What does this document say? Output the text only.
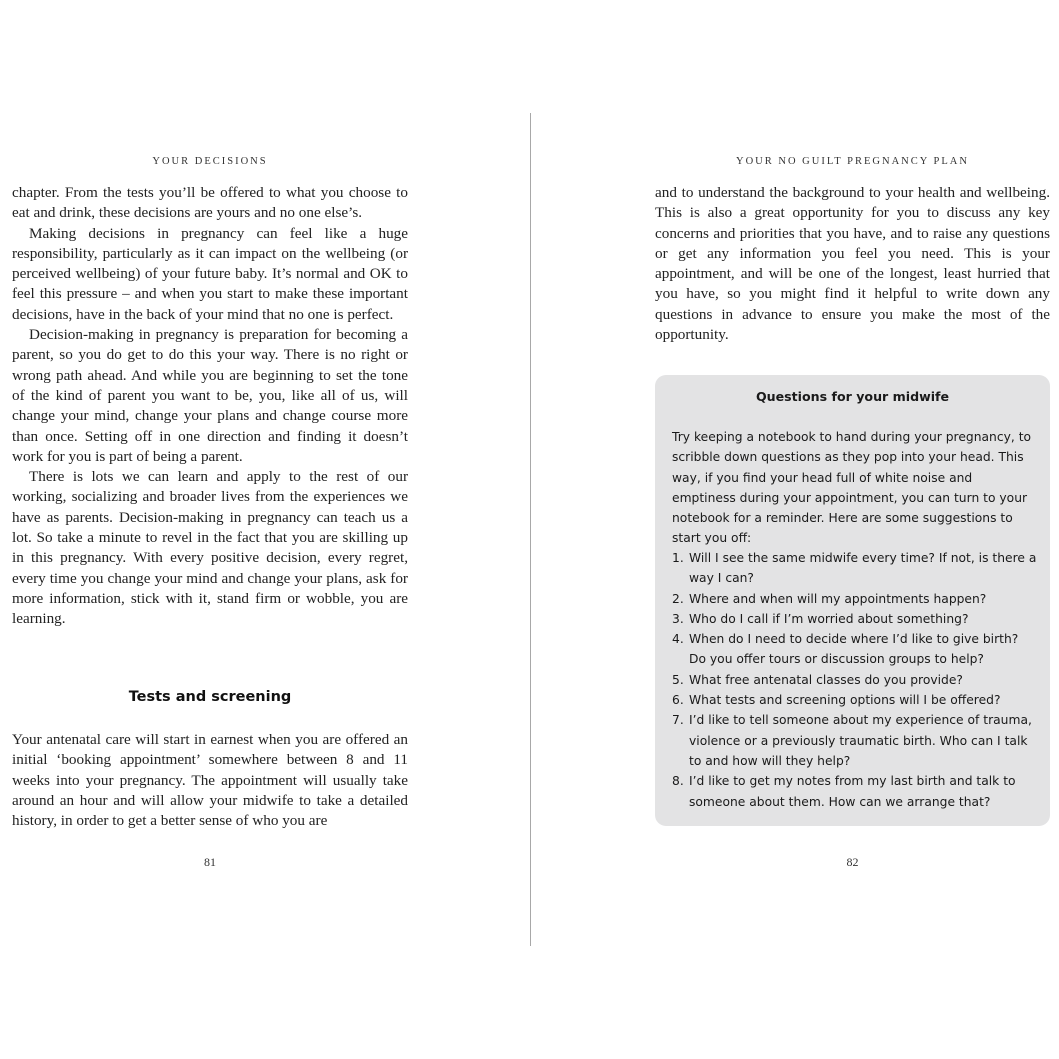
YOUR DECISIONS

chapter. From the tests you’ll be offered to what you choose to eat and drink, these decisions are yours and no one else’s.

Making decisions in pregnancy can feel like a huge responsibility, particularly as it can impact on the wellbeing (or perceived wellbeing) of your future baby. It’s normal and OK to feel this pressure – and when you start to make these important decisions, have in the back of your mind that no one is perfect.

Decision-making in pregnancy is preparation for becoming a parent, so you do get to do this your way. There is no right or wrong path ahead. And while you are beginning to set the tone of the kind of parent you want to be, you, like all of us, will change your mind, change your plans and change course more than once. Setting off in one direction and finding it doesn’t work for you is part of being a parent.

There is lots we can learn and apply to the rest of our working, socializing and broader lives from the experiences we have as parents. Decision-making in pregnancy can teach us a lot. So take a minute to revel in the fact that you are skilling up in this pregnancy. With every positive decision, every regret, every time you change your mind and change your plans, ask for more information, stick with it, stand firm or wobble, you are learning.

Tests and screening

Your antenatal care will start in earnest when you are offered an initial ‘booking appointment’ somewhere between 8 and 11 weeks into your pregnancy. The appointment will usually take around an hour and will allow your midwife to take a detailed history, in order to get a better sense of who you are

81
YOUR NO GUILT PREGNANCY PLAN

and to understand the background to your health and wellbeing. This is also a great opportunity for you to discuss any key concerns and priorities that you have, and to raise any questions or get any information you feel you need. This is your appointment, and will be one of the longest, least hurried that you have, so you might find it helpful to write down any questions in advance to ensure you make the most of the opportunity.

Questions for your midwife

Try keeping a notebook to hand during your pregnancy, to scribble down questions as they pop into your head. This way, if you find your head full of white noise and emptiness during your appointment, you can turn to your notebook for a reminder. Here are some suggestions to start you off:

1. Will I see the same midwife every time? If not, is there a way I can?
2. Where and when will my appointments happen?
3. Who do I call if I’m worried about something?
4. When do I need to decide where I’d like to give birth? Do you offer tours or discussion groups to help?
5. What free antenatal classes do you provide?
6. What tests and screening options will I be offered?
7. I’d like to tell someone about my experience of trauma, violence or a previously traumatic birth. Who can I talk to and how will they help?
8. I’d like to get my notes from my last birth and talk to someone about them. How can we arrange that?
82
